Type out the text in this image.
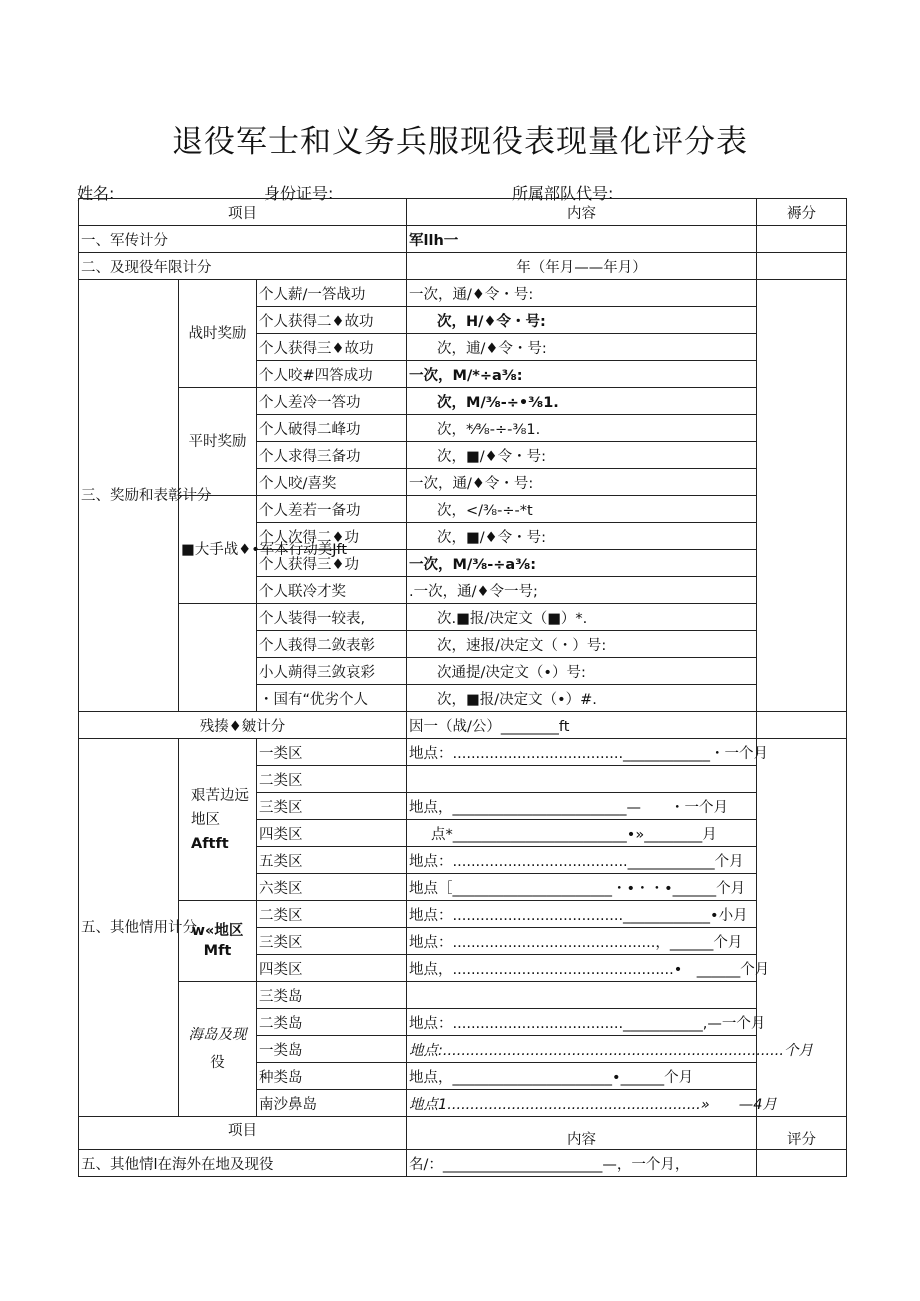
退役军士和义务兵服现役表现量化评分表
姓名:	身份证号:	所属部队代号:
项目			内容	褥分
一、军传计分			军llh一	
二、及现役年限计分			年（年月——年月）	
三、奖励和表彰计分	战时奖励	个人薪/一答战功	一次，通/♦令・号:	
		个人获得二♦故功	次，H/♦令・号:	
		个人获得三♦故功	次，逋/♦令・号:	
		个人咬#四答成功	一次，M/*÷a⅜:	
	平时奖励	个人差冷一答功	次，M/⅜-÷•⅜1.	
		个人破得二峰功	次，*⁄⅜-÷-⅜1.	
		个人求得三备功	次，■/♦令・号:	
		个人咬/喜奖	一次，通/♦令・号:	
	■大手战♦•军本行动美Jft	个人差若一备功	次，</⅜-÷-*t	
		个人次得二♦功	次，■/♦令・号:	
		个人获得三♦功	一次，M/⅜-÷a⅜:	
		个人联冷才奖	.一次，通/♦令一号;	
		个人装得一较表,	次.■报/决定文（■）*.	
		个人莪得二敛表彰	次，速报/决定文（・）号:	
		小人蒴得三敛哀彩	次通提/决定文（•）号:	
		・国有“优劣个人	次，■报/决定文（•）#.	
残揍♦皴计分			因一（战/公）________ft	
五、其他情用计分	艰苦边远
地区
Aftft	一类区	地点：.....................................____________・一个月	
		二类区		
		三类区	地点，________________________—　　・一个月	
		四类区	点*________________________•»________月	
		五类区	地点：......................................____________个月	
		六类区	地点［______________________・•・・•______个月	

	w«地区
Mft	二类区	地点：.....................................____________•小月	
		三类区	地点：............................................，______个月	
		四类区	地点，................................................•　______个月	

	海岛及现
役	三类岛		
		二类岛	地点：.....................................___________,—一个月	
		一类岛	地点:..........................................................................个月	
		种类岛	地点，______________________•______个月	
		南沙鼻岛	地点1.......................................................»　　—4月	
项目			内容	评分
五、其他情l在海外在地及现役			名/：______________________—，一个月，	
